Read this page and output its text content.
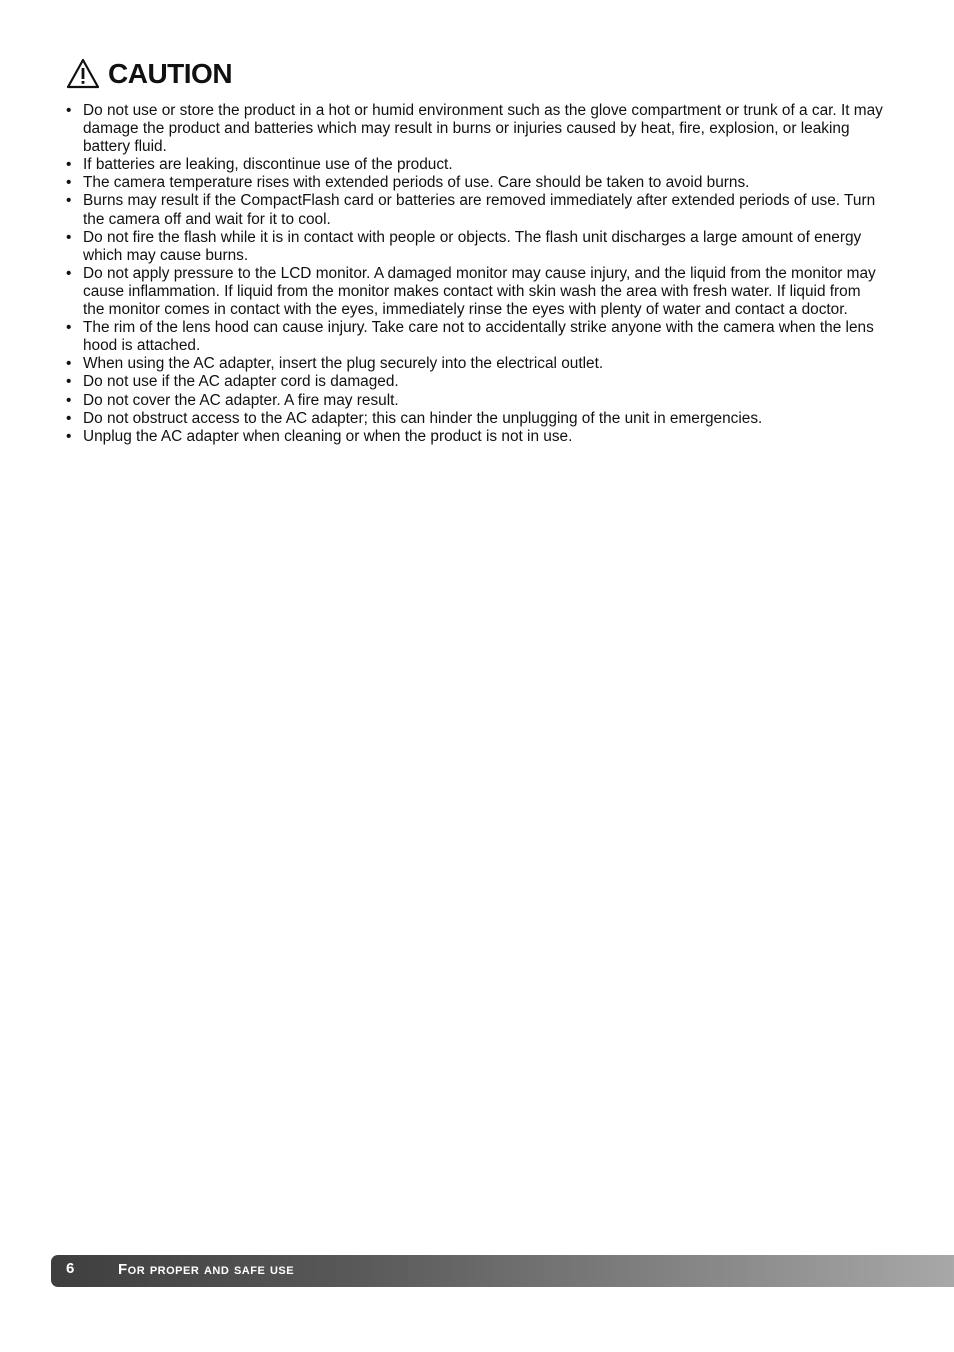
CAUTION
• Do not use or store the product in a hot or humid environment such as the glove compartment or trunk of a car. It may damage the product and batteries which may result in burns or injuries caused by heat, fire, explosion, or leaking battery fluid.
• If batteries are leaking, discontinue use of the product.
• The camera temperature rises with extended periods of use. Care should be taken to avoid burns.
• Burns may result if the CompactFlash card or batteries are removed immediately after extended periods of use. Turn the camera off and wait for it to cool.
• Do not fire the flash while it is in contact with people or objects. The flash unit discharges a large amount of energy which may cause burns.
• Do not apply pressure to the LCD monitor. A damaged monitor may cause injury, and the liquid from the monitor may cause inflammation. If liquid from the monitor makes contact with skin wash the area with fresh water. If liquid from the monitor comes in contact with the eyes, immediately rinse the eyes with plenty of water and contact a doctor.
• The rim of the lens hood can cause injury. Take care not to accidentally strike anyone with the camera when the lens hood is attached.
• When using the AC adapter, insert the plug securely into the electrical outlet.
• Do not use if the AC adapter cord is damaged.
• Do not cover the AC adapter. A fire may result.
• Do not obstruct access to the AC adapter; this can hinder the unplugging of the unit in emergencies.
• Unplug the AC adapter when cleaning or when the product is not in use.
6	For proper and safe use
